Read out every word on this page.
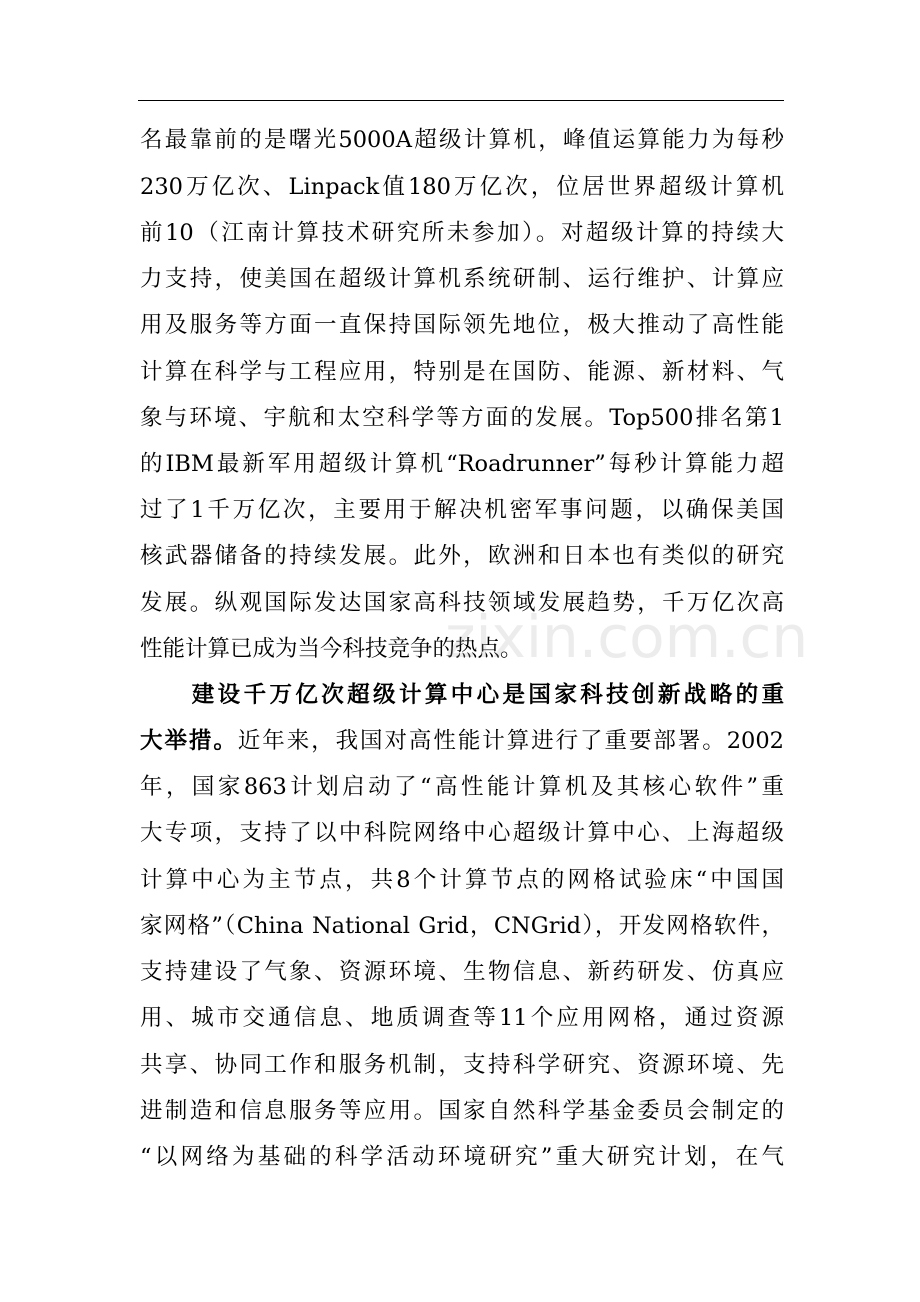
名最靠前的是曙光5000A超级计算机，峰值运算能力为每秒
230万亿次、Linpack值180万亿次，位居世界超级计算机
前10（江南计算技术研究所未参加）。对超级计算的持续大
力支持，使美国在超级计算机系统研制、运行维护、计算应
用及服务等方面一直保持国际领先地位，极大推动了高性能
计算在科学与工程应用，特别是在国防、能源、新材料、气
象与环境、宇航和太空科学等方面的发展。Top500排名第1
的IBM最新军用超级计算机“Roadrunner”每秒计算能力超
过了1千万亿次，主要用于解决机密军事问题，以确保美国
核武器储备的持续发展。此外，欧洲和日本也有类似的研究
发展。纵观国际发达国家高科技领域发展趋势，千万亿次高
性能计算已成为当今科技竞争的热点。
　　建设千万亿次超级计算中心是国家科技创新战略的重
大举措。近年来，我国对高性能计算进行了重要部署。2002
年，国家863计划启动了“高性能计算机及其核心软件”重
大专项，支持了以中科院网络中心超级计算中心、上海超级
计算中心为主节点，共8个计算节点的网格试验床“中国国
家网格”（China National Grid，CNGrid），开发网格软件，
支持建设了气象、资源环境、生物信息、新药研发、仿真应
用、城市交通信息、地质调查等11个应用网格，通过资源
共享、协同工作和服务机制，支持科学研究、资源环境、先
进制造和信息服务等应用。国家自然科学基金委员会制定的
“以网络为基础的科学活动环境研究”重大研究计划，在气
zixin.com.cn
